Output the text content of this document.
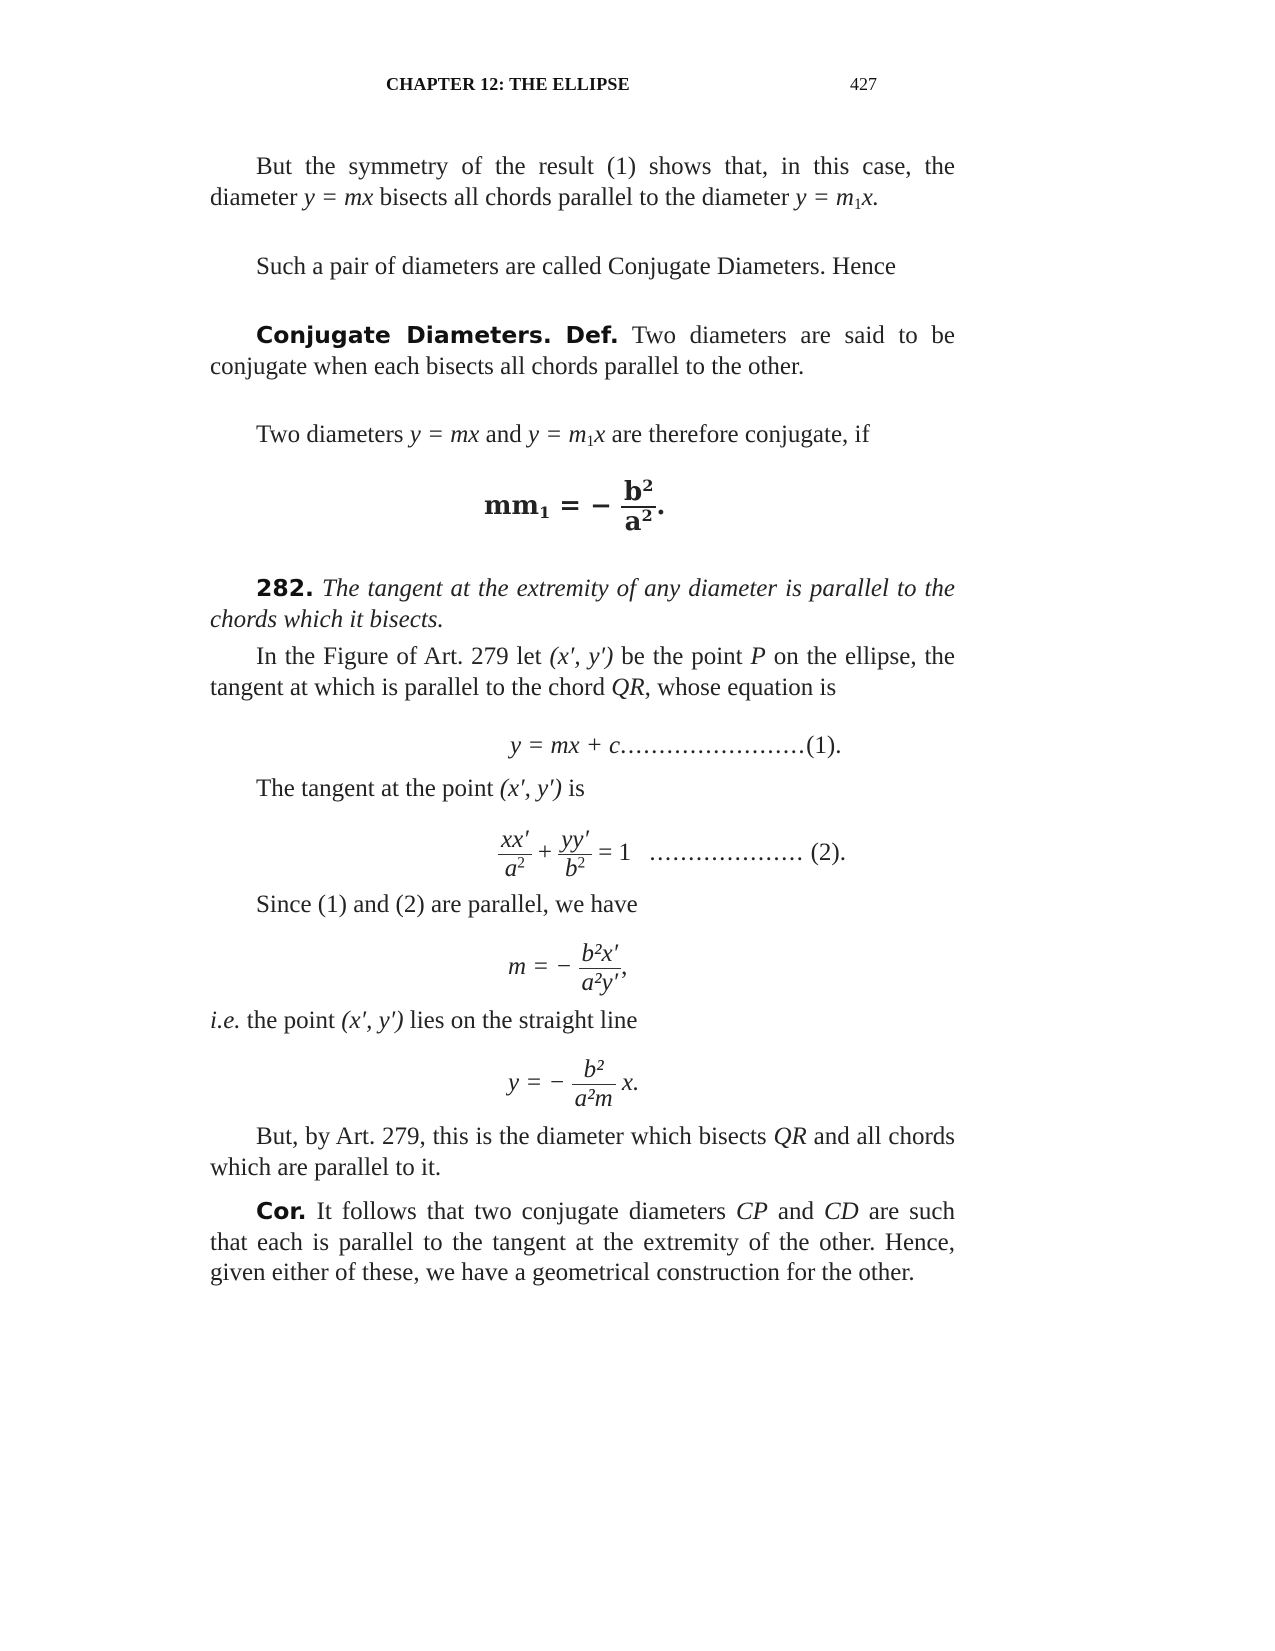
CHAPTER 12: THE ELLIPSE	427
But the symmetry of the result (1) shows that, in this case, the diameter y = mx bisects all chords parallel to the diameter $y = m_1x$.
Such a pair of diameters are called Conjugate Diameters. Hence
Conjugate Diameters. Def. Two diameters are said to be conjugate when each bisects all chords parallel to the other.
Two diameters y = mx and $y = m_1x$ are therefore conjugate, if
$mm_1$ = − $\frac{b^2}{a^2}$ .
282. The tangent at the extremity of any diameter is parallel to the chords which it bisects.
In the Figure of Art. 279 let (x′, y′) be the point P on the ellipse, the tangent at which is parallel to the chord QR, whose equation is
y = mx + c........................(1).
The tangent at the point (x′, y′) is
$\frac{xx'}{a^2} + \frac{yy'}{b^2} = 1$ .................... (2).
Since (1) and (2) are parallel, we have
m = − $\frac{\text{b²x′}}{\text{a²y′}}$ ,
i.e. the point (x′, y′) lies on the straight line
y = − $\frac{\text{b²}}{\text{a²m}} x$.
But, by Art. 279, this is the diameter which bisects QR and all chords which are parallel to it.
Cor. It follows that two conjugate diameters CP and CD are such that each is parallel to the tangent at the extremity of the other. Hence, given either of these, we have a geometrical construction for the other.
